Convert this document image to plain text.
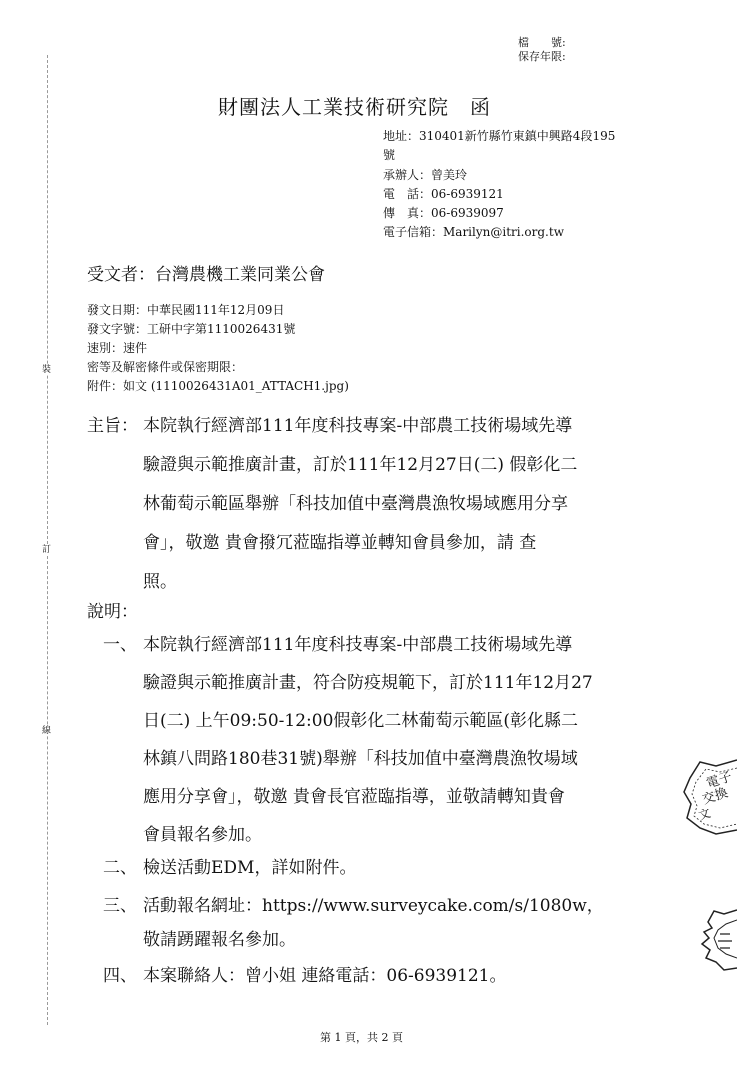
裝
訂
線
檔　　號:
保存年限:
財團法人工業技術研究院　函
地址：310401新竹縣竹東鎮中興路4段195
號
承辦人：曾美玲
電　話：06-6939121
傳　真：06-6939097
電子信箱：Marilyn@itri.org.tw
受文者：台灣農機工業同業公會
發文日期：中華民國111年12月09日
發文字號：工研中字第1110026431號
速別：速件
密等及解密條件或保密期限：
附件：如文 (1110026431A01_ATTACH1.jpg)
主旨： 本院執行經濟部111年度科技專案-中部農工技術場域先導
驗證與示範推廣計畫，訂於111年12月27日(二) 假彰化二
林葡萄示範區舉辦「科技加值中臺灣農漁牧場域應用分享
會」，敬邀 貴會撥冗蒞臨指導並轉知會員參加，請 查
照。
說明：
一、 本院執行經濟部111年度科技專案-中部農工技術場域先導
驗證與示範推廣計畫，符合防疫規範下，訂於111年12月27
日(二) 上午09:50-12:00假彰化二林葡萄示範區(彰化縣二
林鎮八問路180巷31號)舉辦「科技加值中臺灣農漁牧場域
應用分享會」，敬邀 貴會長官蒞臨指導，並敬請轉知貴會
會員報名參加。
二、 檢送活動EDM，詳如附件。
三、 活動報名網址：https://www.surveycake.com/s/1080w，
敬請踴躍報名參加。
四、 本案聯絡人：曾小姐 連絡電話：06-6939121。
電子
交換
文
第 1 頁，共 2 頁
